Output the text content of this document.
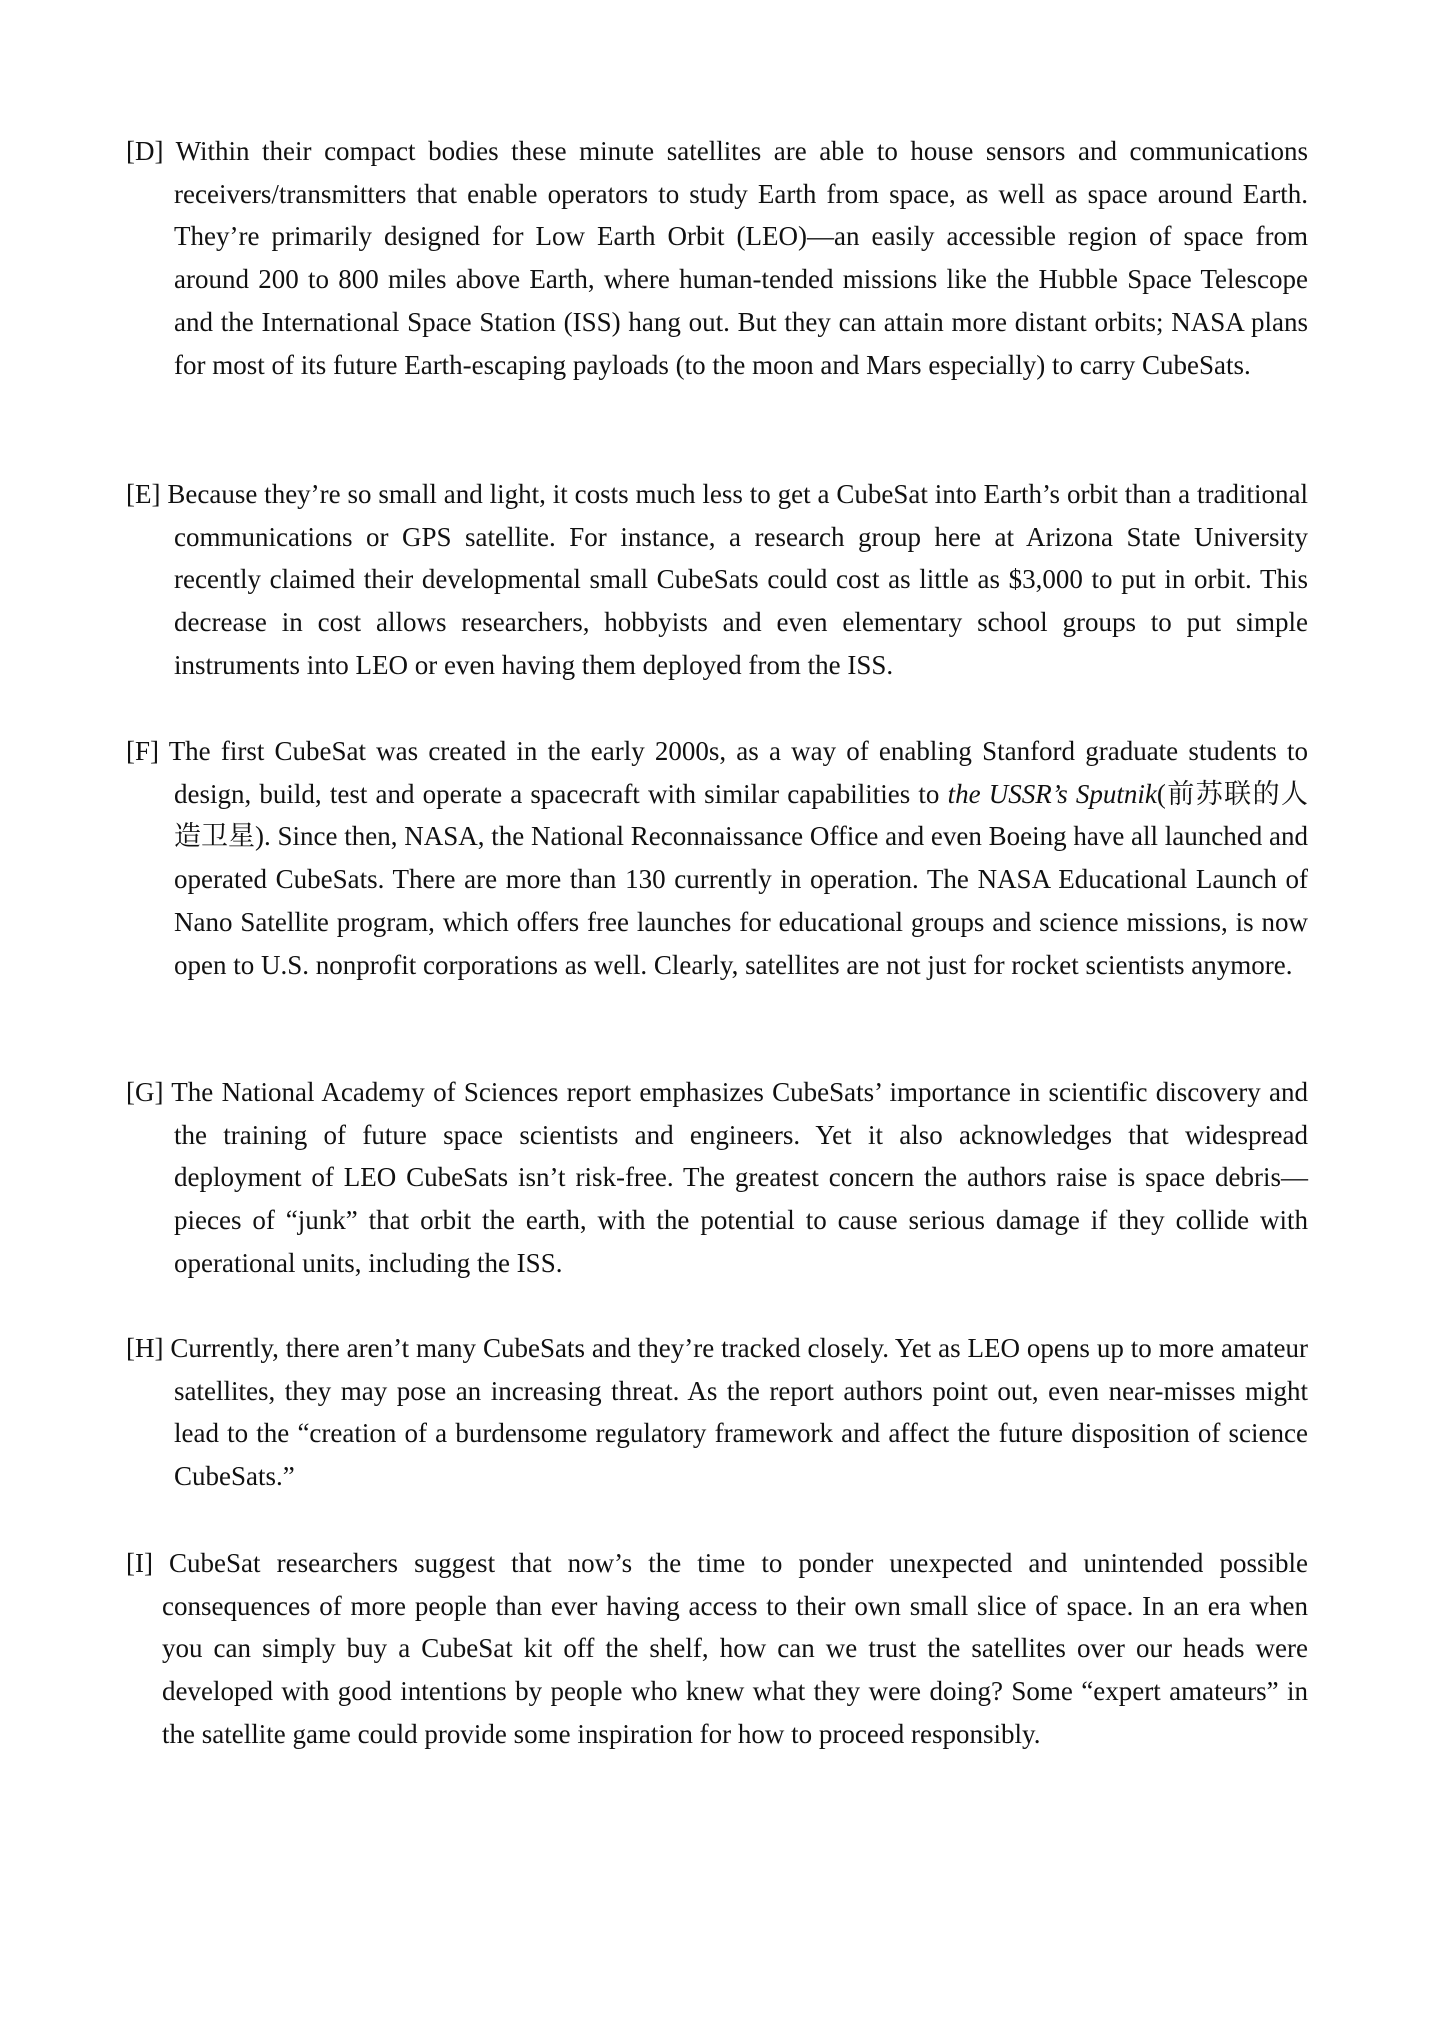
[D] Within their compact bodies these minute satellites are able to house sensors and communications receivers/transmitters that enable operators to study Earth from space, as well as space around Earth. They’re primarily designed for Low Earth Orbit (LEO)—an easily accessible region of space from around 200 to 800 miles above Earth, where human-tended missions like the Hubble Space Telescope and the International Space Station (ISS) hang out. But they can attain more distant orbits; NASA plans for most of its future Earth-escaping payloads (to the moon and Mars especially) to carry CubeSats.

[E] Because they’re so small and light, it costs much less to get a CubeSat into Earth’s orbit than a traditional communications or GPS satellite. For instance, a research group here at Arizona State University recently claimed their developmental small CubeSats could cost as little as $3,000 to put in orbit. This decrease in cost allows researchers, hobbyists and even elementary school groups to put simple instruments into LEO or even having them deployed from the ISS.

[F] The first CubeSat was created in the early 2000s, as a way of enabling Stanford graduate students to design, build, test and operate a spacecraft with similar capabilities to the USSR’s Sputnik(前苏联的人造卫星). Since then, NASA, the National Reconnaissance Office and even Boeing have all launched and operated CubeSats. There are more than 130 currently in operation. The NASA Educational Launch of Nano Satellite program, which offers free launches for educational groups and science missions, is now open to U.S. nonprofit corporations as well. Clearly, satellites are not just for rocket scientists anymore.

[G] The National Academy of Sciences report emphasizes CubeSats’ importance in scientific discovery and the training of future space scientists and engineers. Yet it also acknowledges that widespread deployment of LEO CubeSats isn’t risk-free. The greatest concern the authors raise is space debris—pieces of “junk” that orbit the earth, with the potential to cause serious damage if they collide with operational units, including the ISS.

[H] Currently, there aren’t many CubeSats and they’re tracked closely. Yet as LEO opens up to more amateur satellites, they may pose an increasing threat. As the report authors point out, even near-misses might lead to the “creation of a burdensome regulatory framework and affect the future disposition of science CubeSats.”

[I] CubeSat researchers suggest that now’s the time to ponder unexpected and unintended possible consequences of more people than ever having access to their own small slice of space. In an era when you can simply buy a CubeSat kit off the shelf, how can we trust the satellites over our heads were developed with good intentions by people who knew what they were doing? Some “expert amateurs” in the satellite game could provide some inspiration for how to proceed responsibly.
